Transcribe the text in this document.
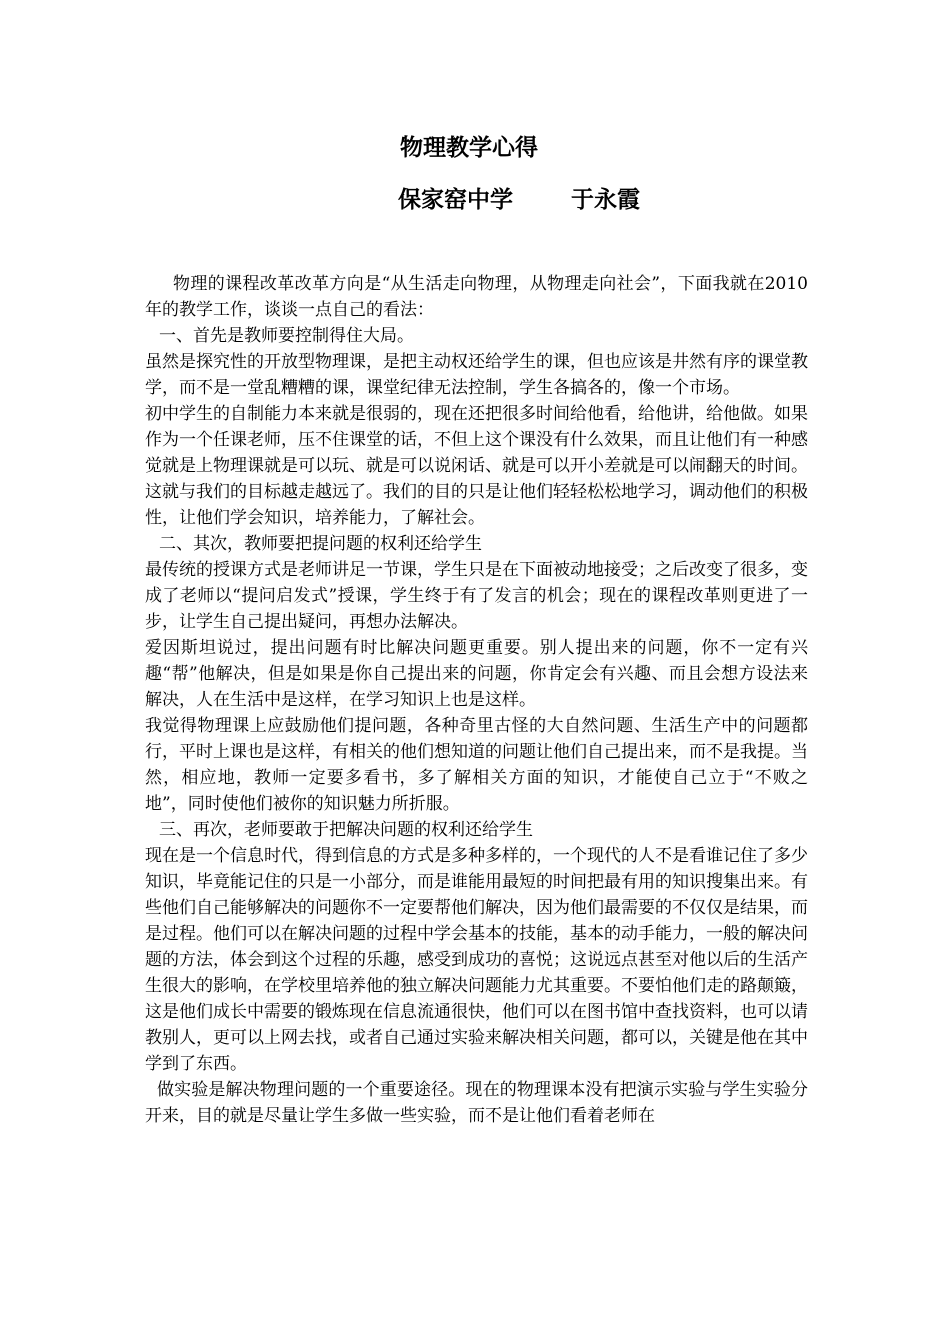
物理教学心得
保家窑中学	于永霞

物理的课程改革改革方向是“从生活走向物理，从物理走向社会”，下面我就在2010年的教学工作，谈谈一点自己的看法：

一、首先是教师要控制得住大局。

虽然是探究性的开放型物理课，是把主动权还给学生的课，但也应该是井然有序的课堂教学，而不是一堂乱糟糟的课，课堂纪律无法控制，学生各搞各的，像一个市场。

初中学生的自制能力本来就是很弱的，现在还把很多时间给他看，给他讲，给他做。如果作为一个任课老师，压不住课堂的话，不但上这个课没有什么效果，而且让他们有一种感觉就是上物理课就是可以玩、就是可以说闲话、就是可以开小差就是可以闹翻天的时间。这就与我们的目标越走越远了。我们的目的只是让他们轻轻松松地学习，调动他们的积极性，让他们学会知识，培养能力，了解社会。

二、其次，教师要把提问题的权利还给学生

最传统的授课方式是老师讲足一节课，学生只是在下面被动地接受；之后改变了很多，变成了老师以“提问启发式”授课，学生终于有了发言的机会；现在的课程改革则更进了一步，让学生自己提出疑问，再想办法解决。

爱因斯坦说过，提出问题有时比解决问题更重要。别人提出来的问题，你不一定有兴趣“帮”他解决，但是如果是你自己提出来的问题，你肯定会有兴趣、而且会想方设法来解决，人在生活中是这样，在学习知识上也是这样。

我觉得物理课上应鼓励他们提问题，各种奇里古怪的大自然问题、生活生产中的问题都行，平时上课也是这样，有相关的他们想知道的问题让他们自己提出来，而不是我提。当然，相应地，教师一定要多看书，多了解相关方面的知识，才能使自己立于“不败之地”，同时使他们被你的知识魅力所折服。

三、再次，老师要敢于把解决问题的权利还给学生

现在是一个信息时代，得到信息的方式是多种多样的，一个现代的人不是看谁记住了多少知识，毕竟能记住的只是一小部分，而是谁能用最短的时间把最有用的知识搜集出来。有些他们自己能够解决的问题你不一定要帮他们解决，因为他们最需要的不仅仅是结果，而是过程。他们可以在解决问题的过程中学会基本的技能，基本的动手能力，一般的解决问题的方法，体会到这个过程的乐趣，感受到成功的喜悦；这说远点甚至对他以后的生活产生很大的影响，在学校里培养他的独立解决问题能力尤其重要。不要怕他们走的路颠簸，这是他们成长中需要的锻炼现在信息流通很快，他们可以在图书馆中查找资料，也可以请教别人，更可以上网去找，或者自己通过实验来解决相关问题，都可以，关键是他在其中学到了东西。

做实验是解决物理问题的一个重要途径。现在的物理课本没有把演示实验与学生实验分开来，目的就是尽量让学生多做一些实验，而不是让他们看着老师在
